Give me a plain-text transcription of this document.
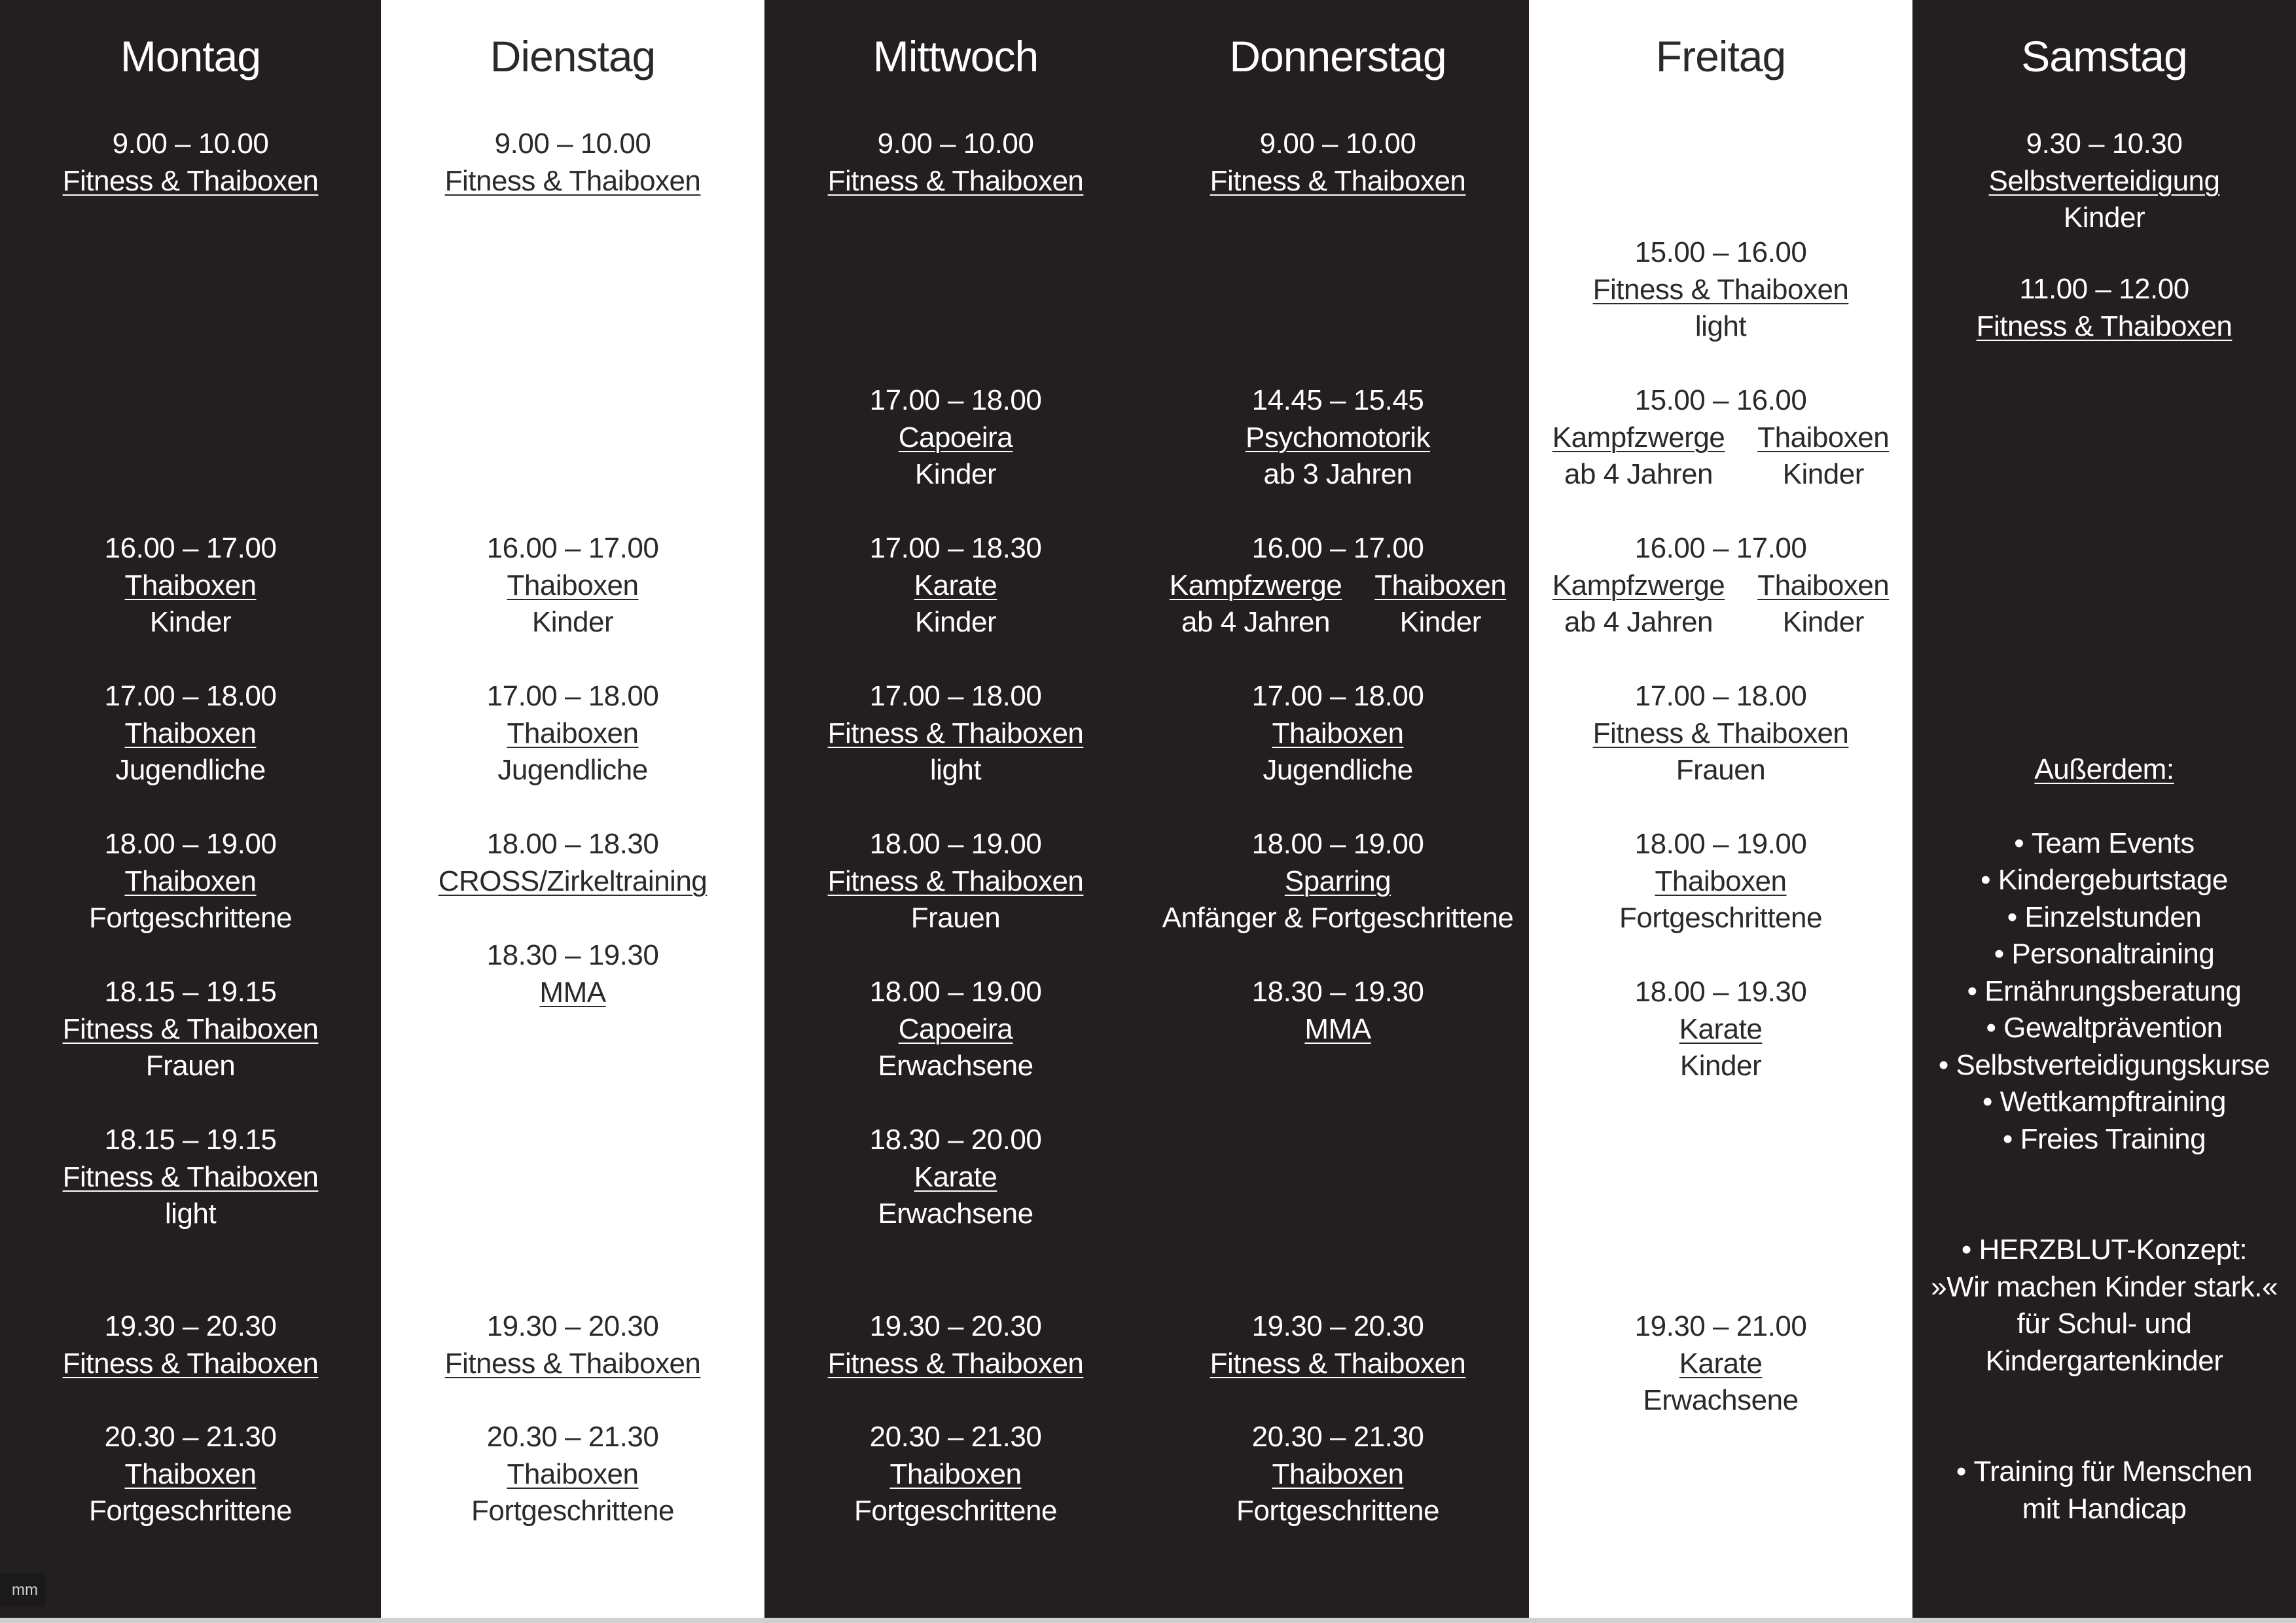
Montag
9.00 – 10.00
Fitness & Thaiboxen
16.00 – 17.00
Thaiboxen
Kinder
17.00 – 18.00
Thaiboxen
Jugendliche
18.00 – 19.00
Thaiboxen
Fortgeschrittene
18.15 – 19.15
Fitness & Thaiboxen
Frauen
18.15 – 19.15
Fitness & Thaiboxen
light
19.30 – 20.30
Fitness & Thaiboxen
20.30 – 21.30
Thaiboxen
Fortgeschrittene
Dienstag
9.00 – 10.00
Fitness & Thaiboxen
16.00 – 17.00
Thaiboxen
Kinder
17.00 – 18.00
Thaiboxen
Jugendliche
18.00 – 18.30
CROSS/Zirkeltraining
18.30 – 19.30
MMA
19.30 – 20.30
Fitness & Thaiboxen
20.30 – 21.30
Thaiboxen
Fortgeschrittene
Mittwoch
9.00 – 10.00
Fitness & Thaiboxen
17.00 – 18.00
Capoeira
Kinder
17.00 – 18.30
Karate
Kinder
17.00 – 18.00
Fitness & Thaiboxen
light
18.00 – 19.00
Fitness & Thaiboxen
Frauen
18.00 – 19.00
Capoeira
Erwachsene
18.30 – 20.00
Karate
Erwachsene
19.30 – 20.30
Fitness & Thaiboxen
20.30 – 21.30
Thaiboxen
Fortgeschrittene
Donnerstag
9.00 – 10.00
Fitness & Thaiboxen
14.45 – 15.45
Psychomotorik
ab 3 Jahren
16.00 – 17.00
Kampfzwerge
ab 4 Jahren
Thaiboxen
Kinder
17.00 – 18.00
Thaiboxen
Jugendliche
18.00 – 19.00
Sparring
Anfänger & Fortgeschrittene
18.30 – 19.30
MMA
19.30 – 20.30
Fitness & Thaiboxen
20.30 – 21.30
Thaiboxen
Fortgeschrittene
Freitag
15.00 – 16.00
Fitness & Thaiboxen
light
15.00 – 16.00
Kampfzwerge
ab 4 Jahren
Thaiboxen
Kinder
16.00 – 17.00
Kampfzwerge
ab 4 Jahren
Thaiboxen
Kinder
17.00 – 18.00
Fitness & Thaiboxen
Frauen
18.00 – 19.00
Thaiboxen
Fortgeschrittene
18.00 – 19.30
Karate
Kinder
19.30 – 21.00
Karate
Erwachsene
Samstag
9.30 – 10.30
Selbstverteidigung
Kinder
11.00 – 12.00
Fitness & Thaiboxen
Außerdem:
• Team Events
• Kindergeburtstage
• Einzelstunden
• Personaltraining
• Ernährungsberatung
• Gewaltprävention
• Selbstverteidigungskurse
• Wettkampftraining
• Freies Training
• HERZBLUT-Konzept:
»Wir machen Kinder stark.«
für Schul- und
Kindergartenkinder
• Training für Menschen
mit Handicap
mm
